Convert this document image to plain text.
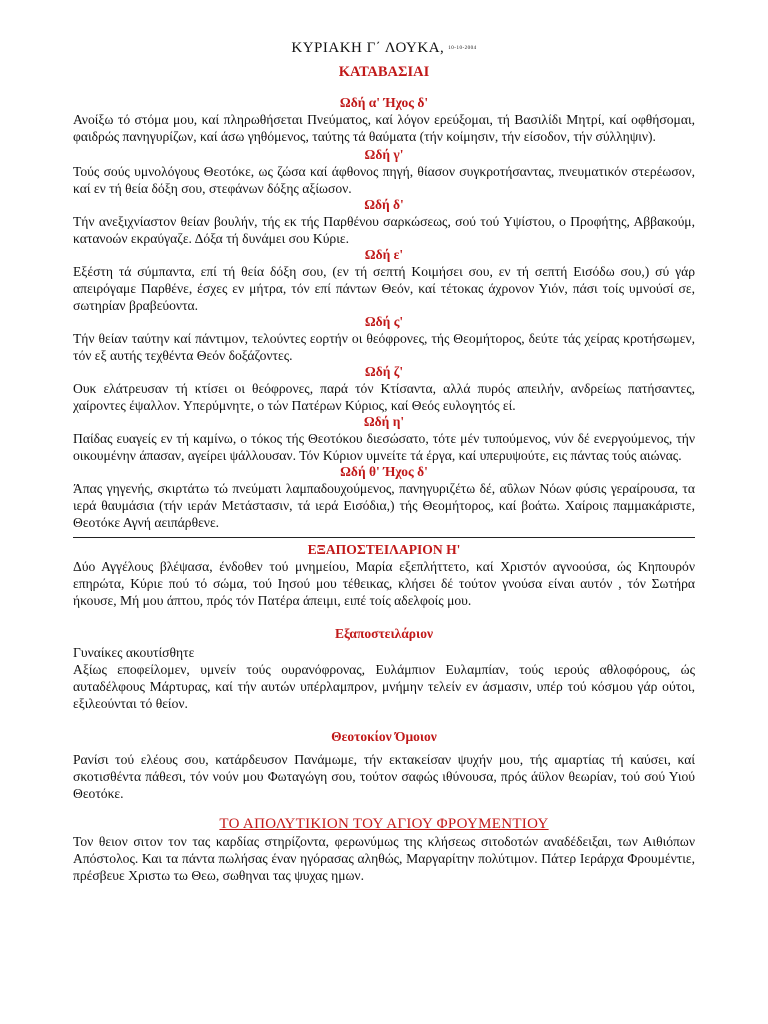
ΚΥΡΙΑΚΗ Γ΄ ΛΟΥΚΑ, 10-10-2004
ΚΑΤΑΒΑΣΙΑΙ
Ωδή α' Ήχος δ'
Ανοίξω τό στόμα μου, καί πληρωθήσεται Πνεύματος, καί λόγον ερεύξομαι, τή Βασιλίδι Μητρί, καί οφθήσομαι, φαιδρώς πανηγυρίζων, καί άσω γηθόμενος, ταύτης τά θαύματα (τήν κοίμησιν, τήν είσοδον, τήν σύλληψιν).
Ωδή γ'
Τούς σούς υμνολόγους Θεοτόκε, ως ζώσα καί άφθονος πηγή, θίασον συγκροτήσαντας, πνευματικόν στερέωσον, καί εν τή θεία δόξη σου, στεφάνων δόξης αξίωσον.
Ωδή δ'
Τήν ανεξιχνίαστον θείαν βουλήν, τής εκ τής Παρθένου σαρκώσεως, σού τού Υψίστου, ο Προφήτης, Αββακούμ, κατανοών εκραύγαζε. Δόξα τή δυνάμει σου Κύριε.
Ωδή ε'
Εξέστη τά σύμπαντα, επί τή θεία δόξη σου, (εν τή σεπτή Κοιμήσει σου, εν τή σεπτή Εισόδω σου,) σύ γάρ απειρόγαμε Παρθένε, έσχες εν μήτρα, τόν επί πάντων Θεόν, καί τέτοκας άχρονον Υιόν, πάσι τοίς υμνούσί σε, σωτηρίαν βραβεύοντα.
Ωδή ς'
Τήν θείαν ταύτην καί πάντιμον, τελούντες εορτήν οι θεόφρονες, τής Θεομήτορος, δεύτε τάς χείρας κροτήσωμεν, τόν εξ αυτής τεχθέντα Θεόν δοξάζοντες.
Ωδή ζ'
Ουκ ελάτρευσαν τή κτίσει οι θεόφρονες, παρά τόν Κτίσαντα, αλλά πυρός απειλήν, ανδρείως πατήσαντες, χαίροντες έψαλλον. Υπερύμνητε, ο τών Πατέρων Κύριος, καί Θεός ευλογητός εί.
Ωδή η'
Παίδας ευαγείς εν τή καμίνω, ο τόκος τής Θεοτόκου διεσώσατο, τότε μέν τυπούμενος, νύν δέ ενεργούμενος, τήν οικουμένην άπασαν, αγείρει ψάλλουσαν. Τόν Κύριον υμνείτε τά έργα, καί υπερυψούτε, εις πάντας τούς αιώνας.
Ωδή θ' Ήχος δ'
Άπας γηγενής, σκιρτάτω τώ πνεύματι λαμπαδουχούμενος, πανηγυριζέτω δέ, αΰλων Νόων φύσις γεραίρουσα, τα ιερά θαυμάσια (τήν ιεράν Μετάστασιν, τά ιερά Εισόδια,) τής Θεομήτορος, καί βοάτω. Χαίροις παμμακάριστε, Θεοτόκε Αγνή αειπάρθενε.
ΕΞΑΠΟΣΤΕΙΛΑΡΙΟΝ Η'
Δύο Αγγέλους βλέψασα, ένδοθεν τού μνημείου, Μαρία εξεπλήττετο, καί Χριστόν αγνοούσα, ώς Κηπουρόν επηρώτα, Κύριε πού τό σώμα, τού Ιησού μου τέθεικας, κλήσει δέ τούτον γνούσα είναι αυτόν , τόν Σωτήρα ήκουσε, Μή μου άπτου, πρός τόν Πατέρα άπειμι, ειπέ τοίς αδελφοίς μου.
Εξαποστειλάριον
Γυναίκες ακουτίσθητε
Αξίως εποφείλομεν, υμνείν τούς ουρανόφρονας, Ευλάμπιον Ευλαμπίαν, τούς ιερούς αθλοφόρους, ώς αυταδέλφους Μάρτυρας, καί τήν αυτών υπέρλαμπρον, μνήμην τελείν εν άσμασιν, υπέρ τού κόσμου γάρ ούτοι, εξιλεούνται τό θείον.
Θεοτοκίον Όμοιον
Ρανίσι τού ελέους σου, κατάρδευσον Πανάμωμε, τήν εκτακείσαν ψυχήν μου, τής αμαρτίας τή καύσει, καί σκοτισθέντα πάθεσι, τόν νούν μου Φωταγώγη σου, τούτον σαφώς ιθύνουσα, πρός άϋλον θεωρίαν, τού σού Υιού Θεοτόκε.
ΤΟ ΑΠΟΛΥΤΙΚΙΟΝ ΤΟΥ ΑΓΙΟΥ ΦΡΟΥΜΕΝΤΙΟΥ
Τον θειον σιτον τον τας καρδίας στηρίζοντα, φερωνύμως της κλήσεως σιτοδοτών αναδέδειξαι, των Αιθιόπων Απόστολος. Και τα πάντα πωλήσας έναν ηγόρασας αληθώς, Μαργαρίτην πολύτιμον. Πάτερ Ιεράρχα Φρουμέντιε, πρέσβευε Χριστω τω Θεω, σωθηναι τας ψυχας ημων.
